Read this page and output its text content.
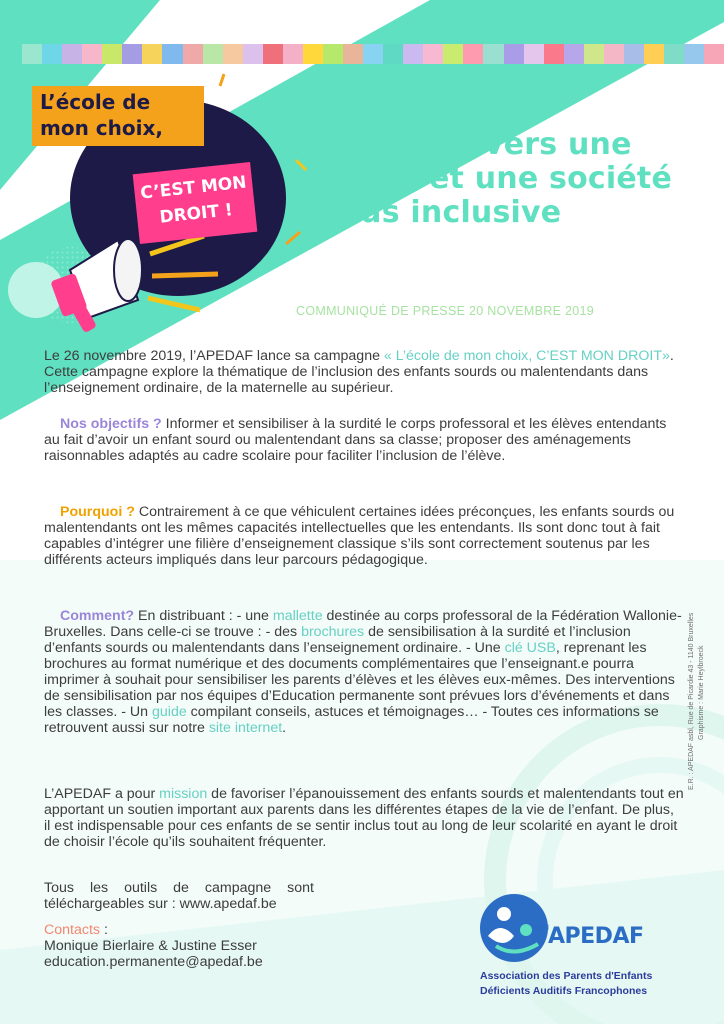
L’école de
mon choix,
C’EST MON
DROIT !
En route vers une
école et une société
plus inclusive
COMMUNIQUÉ DE PRESSE 20 NOVEMBRE 2019

Le 26 novembre 2019, l’APEDAF lance sa campagne « L’école de mon choix, C’EST MON DROIT». Cette campagne explore la thématique de l’inclusion des enfants sourds ou malentendants dans l’enseignement ordinaire, de la maternelle au supérieur.

Nos objectifs ? Informer et sensibiliser à la surdité le corps professoral et les élèves entendants au fait d’avoir un enfant sourd ou malentendant dans sa classe; proposer des aménagements raisonnables adaptés au cadre scolaire pour faciliter l’inclusion de l’élève.

Pourquoi ? Contrairement à ce que véhiculent certaines idées préconçues, les enfants sourds ou malentendants ont les mêmes capacités intellectuelles que les entendants. Ils sont donc tout à fait capables d’intégrer une filière d’enseignement classique s’ils sont correctement soutenus par les différents acteurs impliqués dans leur parcours pédagogique.

Comment? En distribuant : - une mallette destinée au corps professoral de la Fédération Wallonie-Bruxelles. Dans celle-ci se trouve : - des brochures de sensibilisation à la surdité et l’inclusion d’enfants sourds ou malentendants dans l’enseignement ordinaire. - Une clé USB, reprenant les brochures au format numérique et des documents complémentaires que l’enseignant.e pourra imprimer à souhait pour sensibiliser les parents d’élèves et les élèves eux-mêmes. Des interventions de sensibilisation par nos équipes d’Education permanente sont prévues lors d’événements et dans les classes. - Un guide compilant conseils, astuces et témoignages… - Toutes ces informations se retrouvent aussi sur notre site internet.

L’APEDAF a pour mission de favoriser l’épanouissement des enfants sourds et malentendants tout en apportant un soutien important aux parents dans les différentes étapes de la vie de l’enfant. De plus, il est indispensable pour ces enfants de se sentir inclus tout au long de leur scolarité en ayant le droit de choisir l’école qu’ils souhaitent fréquenter.

Tous les outils de campagne sont
téléchargeables sur : www.apedaf.be
Contacts :
Monique Bierlaire & Justine Esser
education.permanente@apedaf.be
E.R. : APEDAF asbl, Rue de Picardie 43 - 1140 Bruxelles Graphisme : Marie Heylbroeck
asbl APEDAF
Association des Parents d'Enfants
Déficients Auditifs Francophones
